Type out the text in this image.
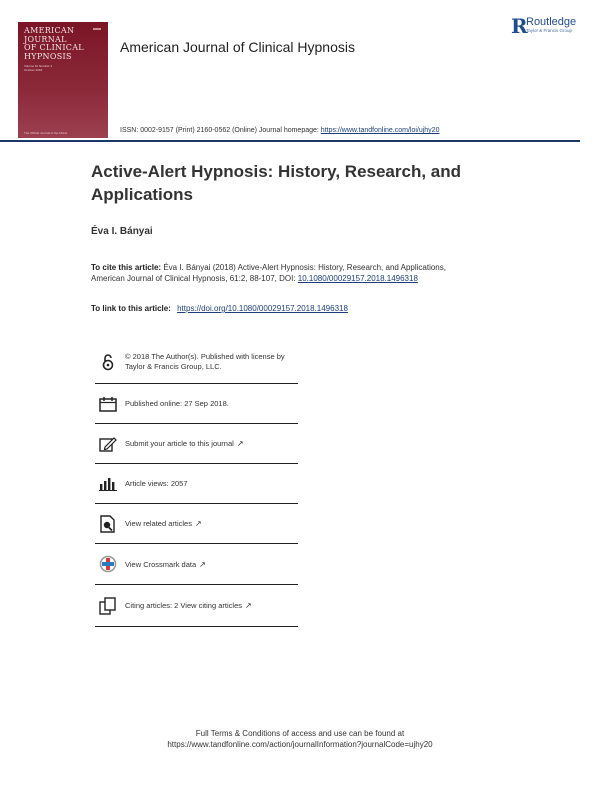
AMERICAN
JOURNAL
OF CLINICAL
HYPNOSIS
Volume 61 Number 2
October 2018
The Official Journal of the ASCH
American Journal of Clinical Hypnosis
R
Routledge
Taylor & Francis Group
ISSN: 0002-9157 (Print) 2160-0562 (Online) Journal homepage: https://www.tandfonline.com/loi/ujhy20
Active-Alert Hypnosis: History, Research, and Applications
Éva I. Bányai
To cite this article: Éva I. Bányai (2018) Active-Alert Hypnosis: History, Research, and Applications, American Journal of Clinical Hypnosis, 61:2, 88-107, DOI: 10.1080/00029157.2018.1496318
To link to this article: https://doi.org/10.1080/00029157.2018.1496318
© 2018 The Author(s). Published with license by Taylor & Francis Group, LLC.
Published online: 27 Sep 2018.
Submit your article to this journal ↗
Article views: 2057
View related articles ↗
View Crossmark data ↗
Citing articles: 2 View citing articles ↗
Full Terms & Conditions of access and use can be found at
https://www.tandfonline.com/action/journalInformation?journalCode=ujhy20
